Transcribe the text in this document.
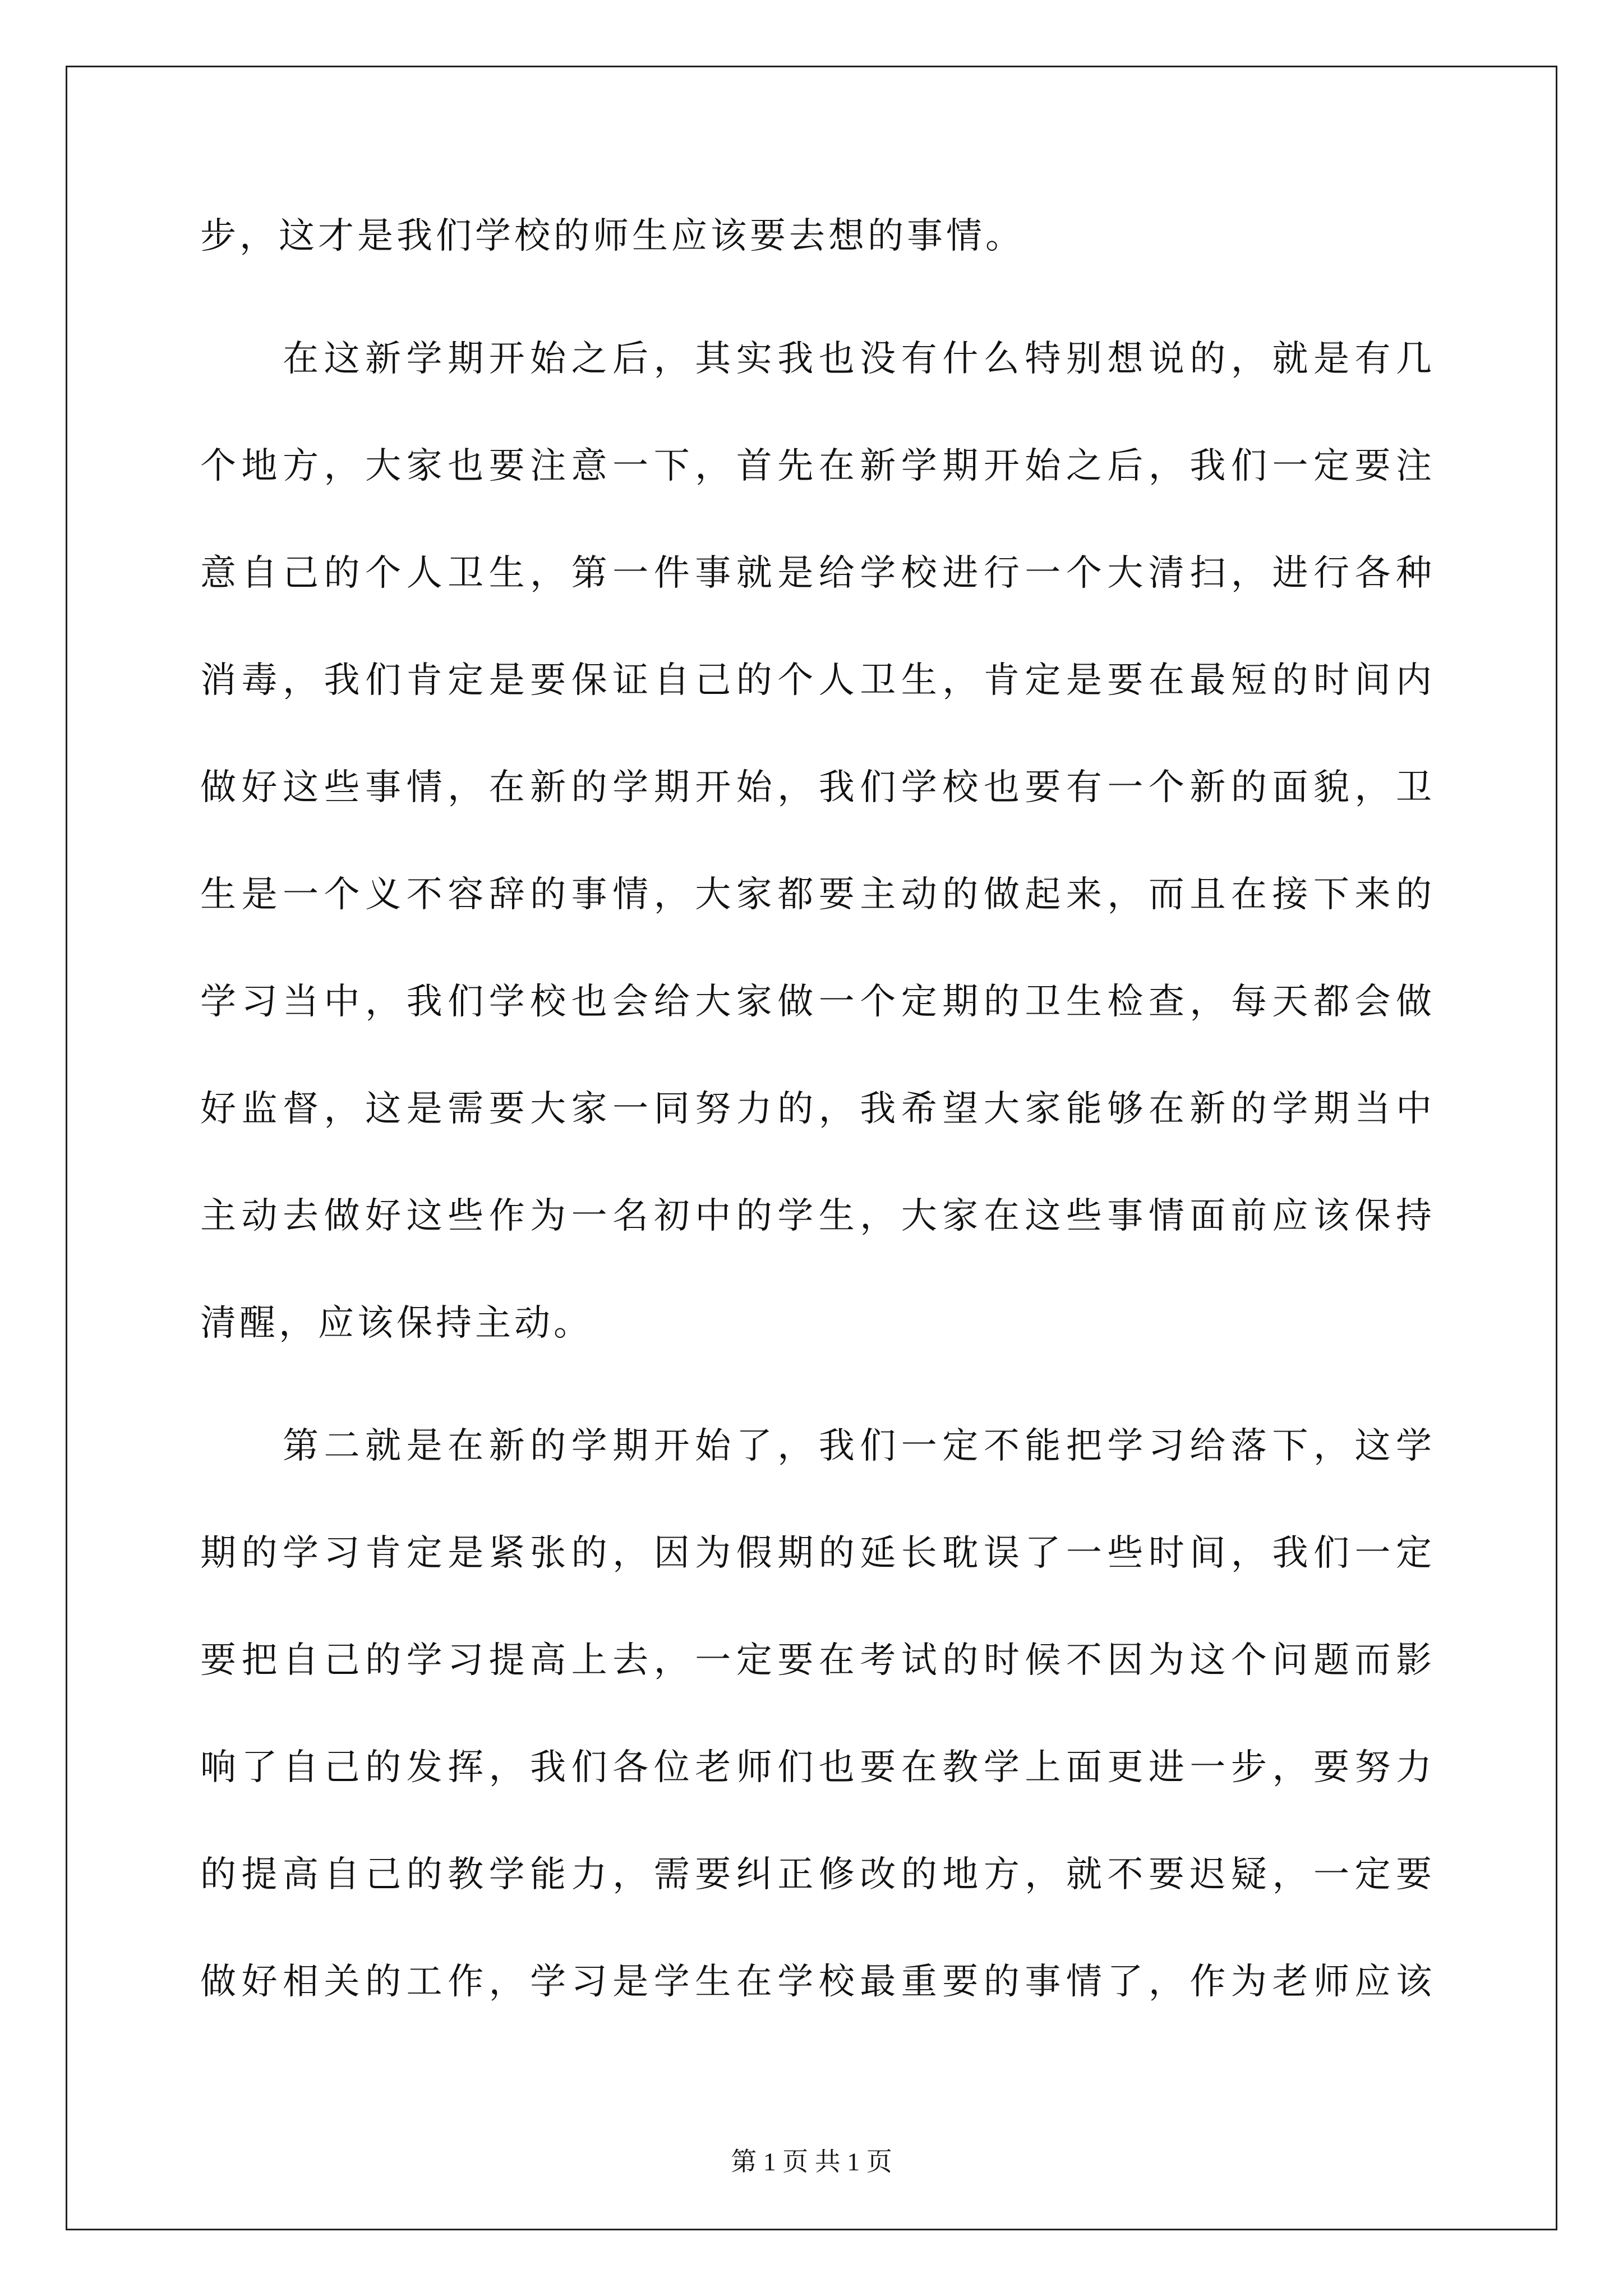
步，这才是我们学校的师生应该要去想的事情。
在这新学期开始之后，其实我也没有什么特别想说的，就是有几
个地方，大家也要注意一下，首先在新学期开始之后，我们一定要注
意自己的个人卫生，第一件事就是给学校进行一个大清扫，进行各种
消毒，我们肯定是要保证自己的个人卫生，肯定是要在最短的时间内
做好这些事情，在新的学期开始，我们学校也要有一个新的面貌，卫
生是一个义不容辞的事情，大家都要主动的做起来，而且在接下来的
学习当中，我们学校也会给大家做一个定期的卫生检查，每天都会做
好监督，这是需要大家一同努力的，我希望大家能够在新的学期当中
主动去做好这些作为一名初中的学生，大家在这些事情面前应该保持
清醒，应该保持主动。
第二就是在新的学期开始了，我们一定不能把学习给落下，这学
期的学习肯定是紧张的，因为假期的延长耽误了一些时间，我们一定
要把自己的学习提高上去，一定要在考试的时候不因为这个问题而影
响了自己的发挥，我们各位老师们也要在教学上面更进一步，要努力
的提高自己的教学能力，需要纠正修改的地方，就不要迟疑，一定要
做好相关的工作，学习是学生在学校最重要的事情了，作为老师应该
第 1 页 共 1 页
